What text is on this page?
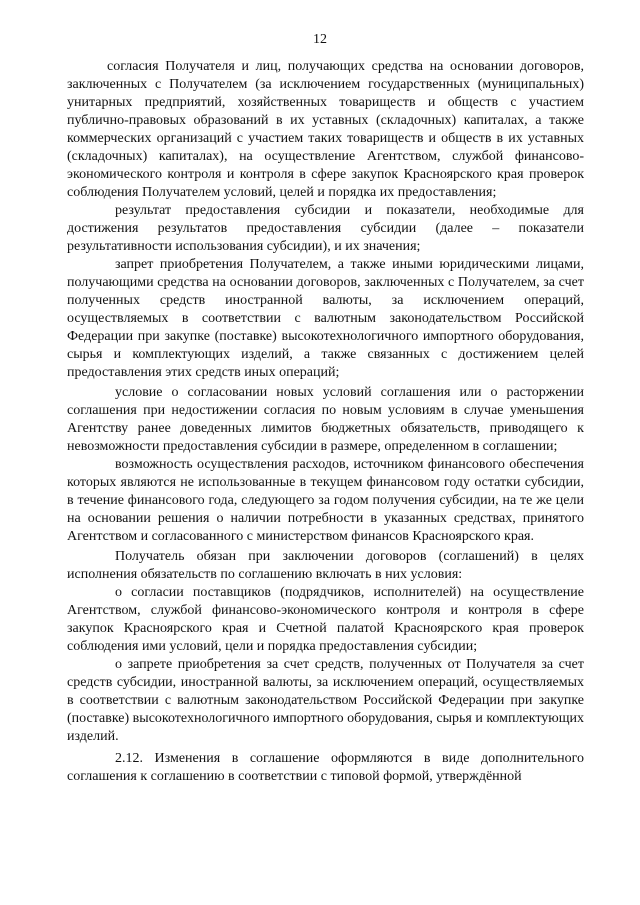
12

согласия Получателя и лиц, получающих средства на основании договоров, заключенных с Получателем (за исключением государственных (муниципальных) унитарных предприятий, хозяйственных товариществ и обществ с участием публично-правовых образований в их уставных (складочных) капиталах, а также коммерческих организаций с участием таких товариществ и обществ в их уставных (складочных) капиталах), на осуществление Агентством, службой финансово-экономического контроля и контроля в сфере закупок Красноярского края проверок соблюдения Получателем условий, целей и порядка их предоставления;

результат предоставления субсидии и показатели, необходимые для достижения результатов предоставления субсидии (далее – показатели результативности использования субсидии), и их значения;

запрет приобретения Получателем, а также иными юридическими лицами, получающими средства на основании договоров, заключенных с Получателем, за счет полученных средств иностранной валюты, за исключением операций, осуществляемых в соответствии с валютным законодательством Российской Федерации при закупке (поставке) высокотехнологичного импортного оборудования, сырья и комплектующих изделий, а также связанных с достижением целей предоставления этих средств иных операций;

условие о согласовании новых условий соглашения или о расторжении соглашения при недостижении согласия по новым условиям в случае уменьшения Агентству ранее доведенных лимитов бюджетных обязательств, приводящего к невозможности предоставления субсидии в размере, определенном в соглашении;

возможность осуществления расходов, источником финансового обеспечения которых являются не использованные в текущем финансовом году остатки субсидии, в течение финансового года, следующего за годом получения субсидии, на те же цели на основании решения о наличии потребности в указанных средствах, принятого Агентством и согласованного с министерством финансов Красноярского края.

Получатель обязан при заключении договоров (соглашений) в целях исполнения обязательств по соглашению включать в них условия:

о согласии поставщиков (подрядчиков, исполнителей) на осуществление Агентством, службой финансово-экономического контроля и контроля в сфере закупок Красноярского края и Счетной палатой Красноярского края проверок соблюдения ими условий, цели и порядка предоставления субсидии;

о запрете приобретения за счет средств, полученных от Получателя за счет средств субсидии, иностранной валюты, за исключением операций, осуществляемых в соответствии с валютным законодательством Российской Федерации при закупке (поставке) высокотехнологичного импортного оборудования, сырья и комплектующих изделий.

2.12. Изменения в соглашение оформляются в виде дополнительного соглашения к соглашению в соответствии с типовой формой, утверждённой
